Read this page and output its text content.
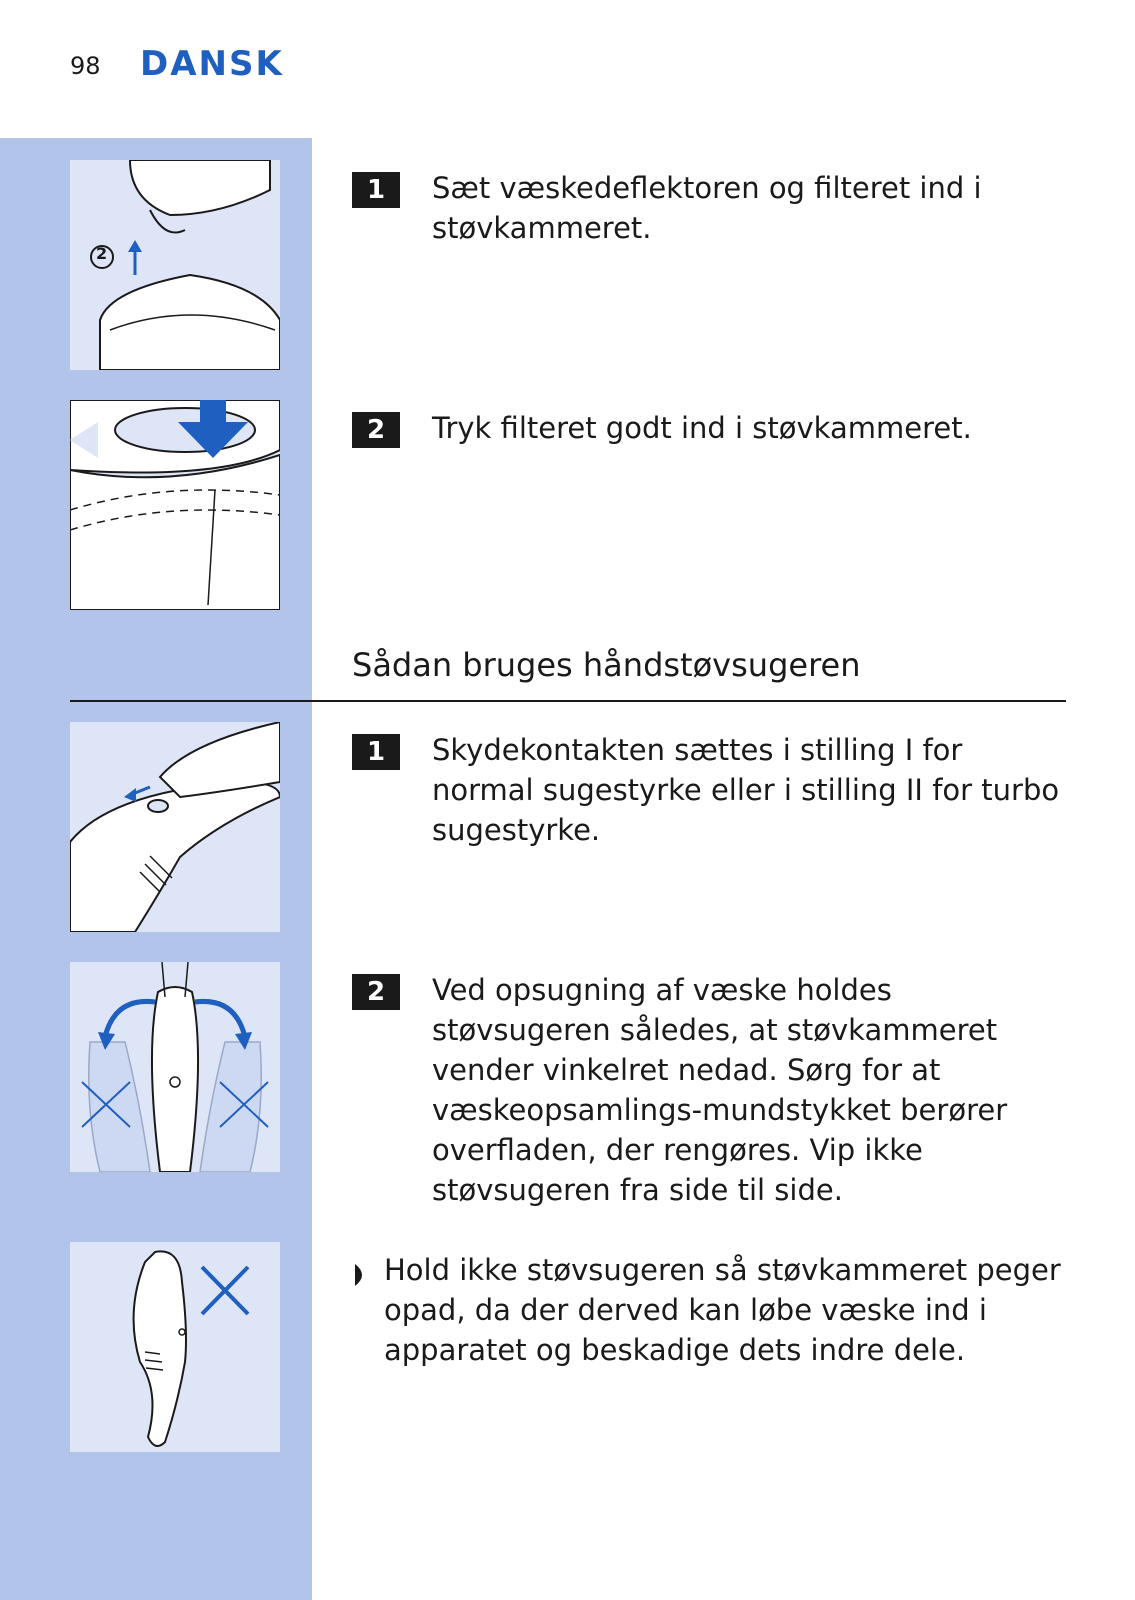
98 DANSK
2
1	Sæt væskedeflektoren og filteret ind i støvkammeret.
2	Tryk filteret godt ind i støvkammeret.
Sådan bruges håndstøvsugeren
1	Skydekontakten sættes i stilling I for normal sugestyrke eller i stilling II for turbo sugestyrke.
2	Ved opsugning af væske holdes støvsugeren således, at støvkammeret vender vinkelret nedad. Sørg for at væskeopsamlings-mundstykket berører overfladen, der rengøres. Vip ikke støvsugeren fra side til side.
Hold ikke støvsugeren så støvkammeret peger opad, da der derved kan løbe væske ind i apparatet og beskadige dets indre dele.
